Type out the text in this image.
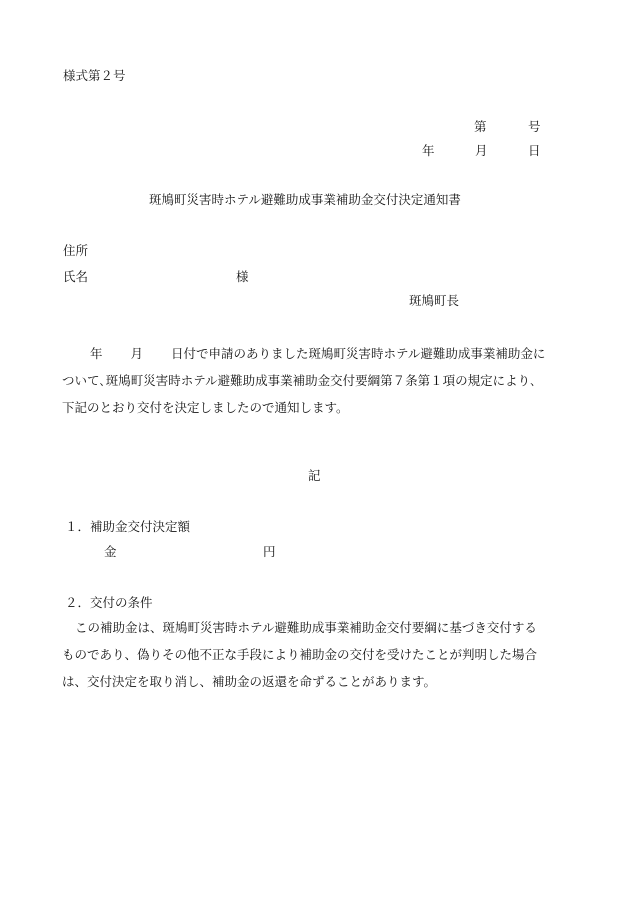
様式第２号
第	号
年	月	日
斑鳩町災害時ホテル避難助成事業補助金交付決定通知書
住所
氏名	様
斑鳩町長
年 月 日付で申請のありました斑鳩町災害時ホテル避難助成事業補助金に
ついて､斑鳩町災害時ホテル避難助成事業補助金交付要綱第７条第１項の規定により､
下記のとおり交付を決定しましたので通知します。
記
１．補助金交付決定額
金	円
２．交付の条件
この補助金は、斑鳩町災害時ホテル避難助成事業補助金交付要綱に基づき交付する
ものであり、偽りその他不正な手段により補助金の交付を受けたことが判明した場合
は、交付決定を取り消し、補助金の返還を命ずることがあります。
